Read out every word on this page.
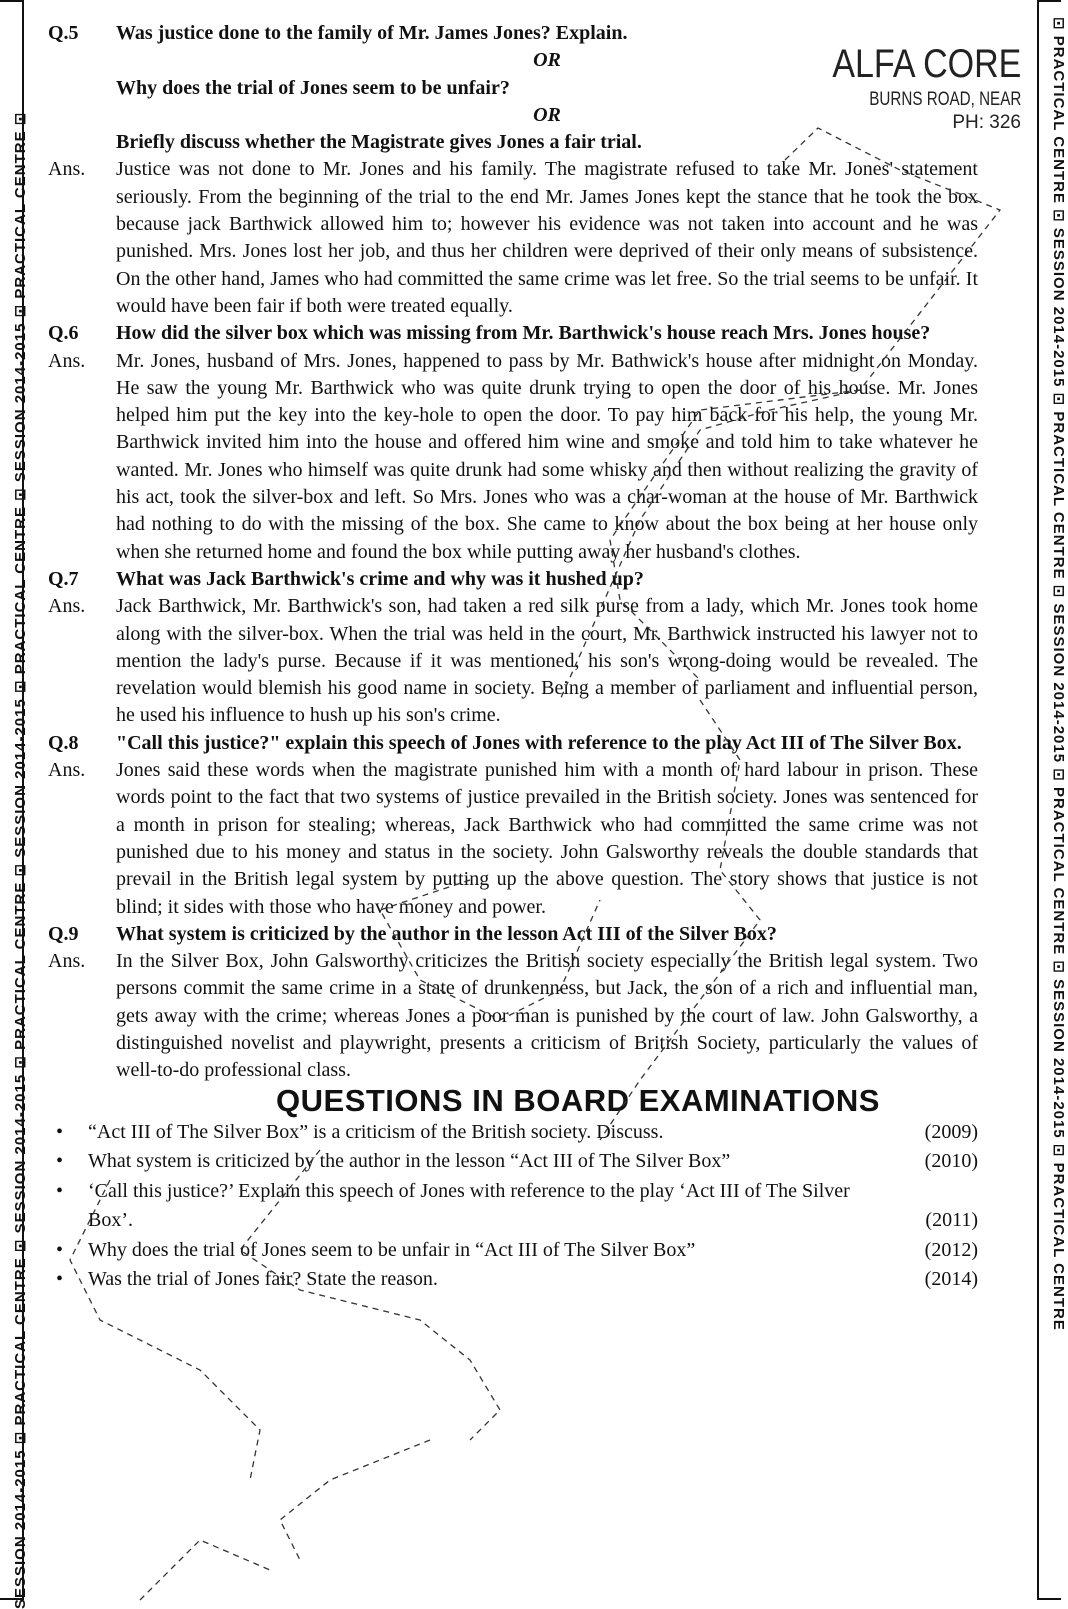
SESSION 2014-2015 ⊡ PRACTICAL CENTRE ⊡ SESSION 2014-2015 ⊡ PRACTICAL CENTRE ⊡ SESSION 2014-2015 ⊡ PRACTICAL CENTRE ⊡ SESSION 2014-2015 ⊡ PRACTICAL CENTRE ⊡	⊡ PRACTICAL CENTRE ⊡ SESSION 2014-2015 ⊡ PRACTICAL CENTRE ⊡ SESSION 2014-2015 ⊡ PRACTICAL CENTRE ⊡ SESSION 2014-2015 ⊡ PRACTICAL CENTRE
ALFA CORE
BURNS ROAD, NEAR
PH: 326
Q.5	Was justice done to the family of Mr. James Jones? Explain.
OR
Why does the trial of Jones seem to be unfair?
OR
Briefly discuss whether the Magistrate gives Jones a fair trial.
Ans.	Justice was not done to Mr. Jones and his family. The magistrate refused to take Mr. Jones' statement seriously. From the beginning of the trial to the end Mr. James Jones kept the stance that he took the box because jack Barthwick allowed him to; however his evidence was not taken into account and he was punished. Mrs. Jones lost her job, and thus her children were deprived of their only means of subsistence. On the other hand, James who had committed the same crime was let free. So the trial seems to be unfair. It would have been fair if both were treated equally.
Q.6	How did the silver box which was missing from Mr. Barthwick's house reach Mrs. Jones house?
Ans.	Mr. Jones, husband of Mrs. Jones, happened to pass by Mr. Bathwick's house after midnight on Monday. He saw the young Mr. Barthwick who was quite drunk trying to open the door of his house. Mr. Jones helped him put the key into the key-hole to open the door. To pay him back for his help, the young Mr. Barthwick invited him into the house and offered him wine and smoke and told him to take whatever he wanted. Mr. Jones who himself was quite drunk had some whisky and then without realizing the gravity of his act, took the silver-box and left. So Mrs. Jones who was a char-woman at the house of Mr. Barthwick had nothing to do with the missing of the box. She came to know about the box being at her house only when she returned home and found the box while putting away her husband's clothes.
Q.7	What was Jack Barthwick's crime and why was it hushed up?
Ans.	Jack Barthwick, Mr. Barthwick's son, had taken a red silk purse from a lady, which Mr. Jones took home along with the silver-box. When the trial was held in the court, Mr. Barthwick instructed his lawyer not to mention the lady's purse. Because if it was mentioned, his son's wrong-doing would be revealed. The revelation would blemish his good name in society. Being a member of parliament and influential person, he used his influence to hush up his son's crime.
Q.8	"Call this justice?" explain this speech of Jones with reference to the play Act III of The Silver Box.
Ans.	Jones said these words when the magistrate punished him with a month of hard labour in prison. These words point to the fact that two systems of justice prevailed in the British society. Jones was sentenced for a month in prison for stealing; whereas, Jack Barthwick who had committed the same crime was not punished due to his money and status in the society. John Galsworthy reveals the double standards that prevail in the British legal system by putting up the above question. The story shows that justice is not blind; it sides with those who have money and power.
Q.9	What system is criticized by the author in the lesson Act III of the Silver Box?
Ans.	In the Silver Box, John Galsworthy criticizes the British society especially the British legal system. Two persons commit the same crime in a state of drunkenness, but Jack, the son of a rich and influential man, gets away with the crime; whereas Jones a poor man is punished by the court of law. John Galsworthy, a distinguished novelist and playwright, presents a criticism of British Society, particularly the values of well-to-do professional class.
QUESTIONS IN BOARD EXAMINATIONS
•	“Act III of The Silver Box” is a criticism of the British society. Discuss.	(2009)
•	What system is criticized by the author in the lesson “Act III of The Silver Box”	(2010)
•	‘Call this justice?’ Explain this speech of Jones with reference to the play ‘Act III of The Silver Box’.	(2011)
•	Why does the trial of Jones seem to be unfair in “Act III of The Silver Box”	(2012)
•	Was the trial of Jones fair? State the reason.	(2014)
